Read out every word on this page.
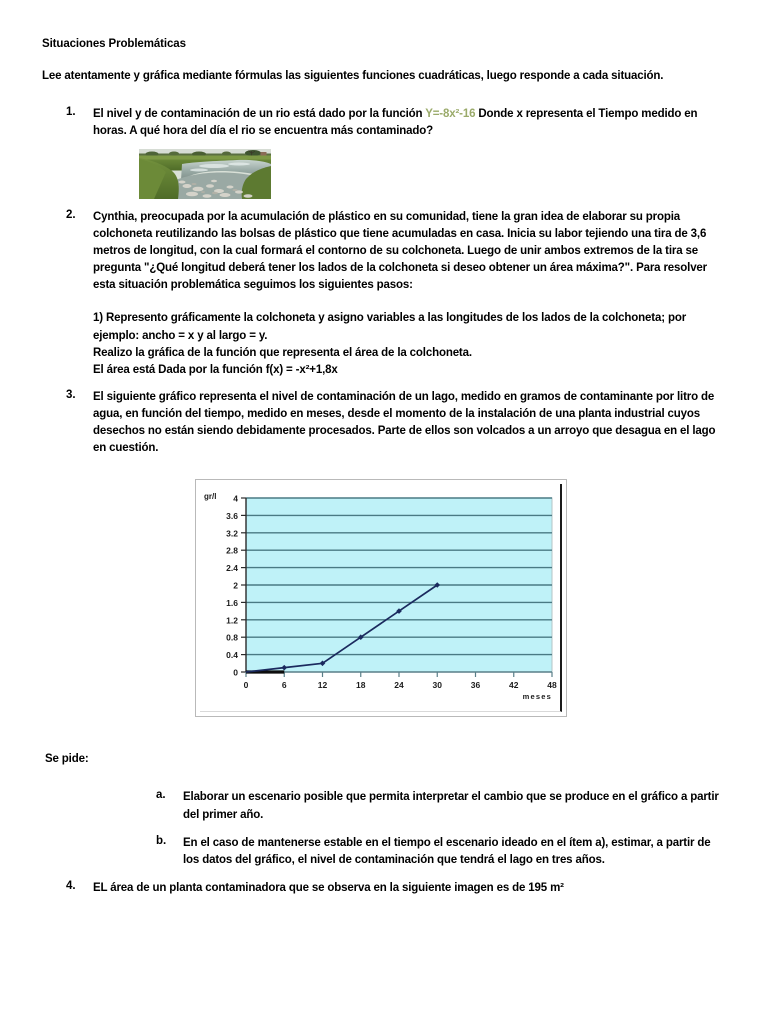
Situaciones Problemáticas

Lee atentamente y gráfica mediante fórmulas las siguientes funciones cuadráticas, luego responde a cada situación.

1. El nivel y de contaminación de un rio está dado por la función Y=-8x²-16 Donde x representa el Tiempo medido en horas. A qué hora del día el rio se encuentra más contaminado?

2. Cynthia, preocupada por la acumulación de plástico en su comunidad, tiene la gran idea de elaborar su propia colchoneta reutilizando las bolsas de plástico que tiene acumuladas en casa. Inicia su labor tejiendo una tira de 3,6 metros de longitud, con la cual formará el contorno de su colchoneta. Luego de unir ambos extremos de la tira se pregunta "¿Qué longitud deberá tener los lados de la colchoneta si deseo obtener un área máxima?". Para resolver esta situación problemática seguimos los siguientes pasos:

1) Represento gráficamente la colchoneta y asigno variables a las longitudes de los lados de la colchoneta; por ejemplo: ancho = x y al largo = y.

Realizo la gráfica de la función que representa el área de la colchoneta.

El área está Dada por la función f(x) = -x²+1,8x

3. El siguiente gráfico representa el nivel de contaminación de un lago, medido en gramos de contaminante por litro de agua, en función del tiempo, medido en meses, desde el momento de la instalación de una planta industrial cuyos desechos no están siendo debidamente procesados. Parte de ellos son volcados a un arroyo que desagua en el lago en cuestión.

0
0.4
0.8
1.2
1.6
2
2.4
2.8
3.2
3.6
4
gr/l
0	6	12	18	24	30	36	42	48
meses

Se pide:

a. Elaborar un escenario posible que permita interpretar el cambio que se produce en el gráfico a partir del primer año.

b. En el caso de mantenerse estable en el tiempo el escenario ideado en el ítem a), estimar, a partir de los datos del gráfico, el nivel de contaminación que tendrá el lago en tres años.

4. EL área de un planta contaminadora que se observa en la siguiente imagen es de 195 m²
